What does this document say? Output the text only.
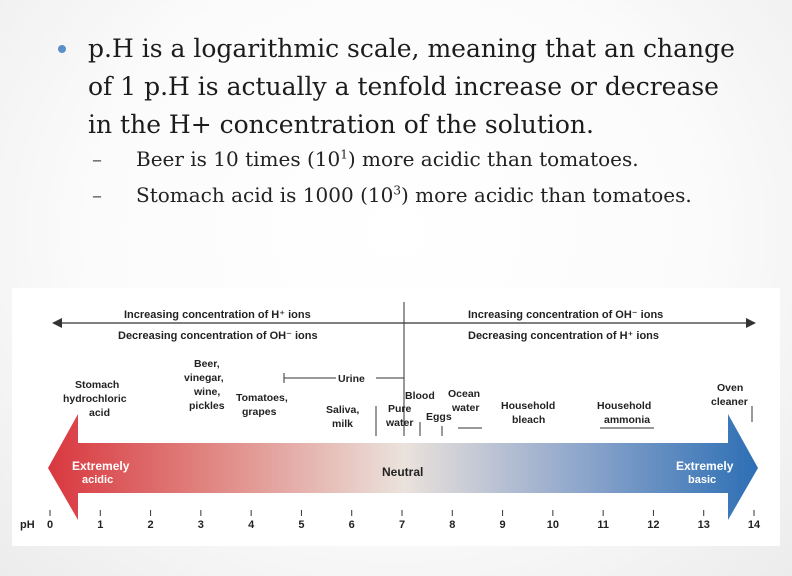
p.H is a logarithmic scale, meaning that an change of 1 p.H is actually a tenfold increase or decrease in the H+ concentration of the solution.
– Beer is 10 times $(10^1)$ more acidic than tomatoes.
– Stomach acid is 1000 $(10^3)$ more acidic than tomatoes.
Increasing concentration of H⁺ ions
Decreasing concentration of OH⁻ ions
Increasing concentration of OH⁻ ions
Decreasing concentration of H⁺ ions
Stomach
hydrochloric
acid
Beer,
vinegar,
wine,
pickles
Tomatoes,
grapes
Urine
Saliva,
milk
Pure
water
Blood
Eggs
Ocean
water Household
bleach
Household
ammonia
Oven
cleaner
Extremely
acidic
Neutral	Extremely
basic
pH 0	1	2	3	4	5	6	7	8	9	10	11	12	13	14
